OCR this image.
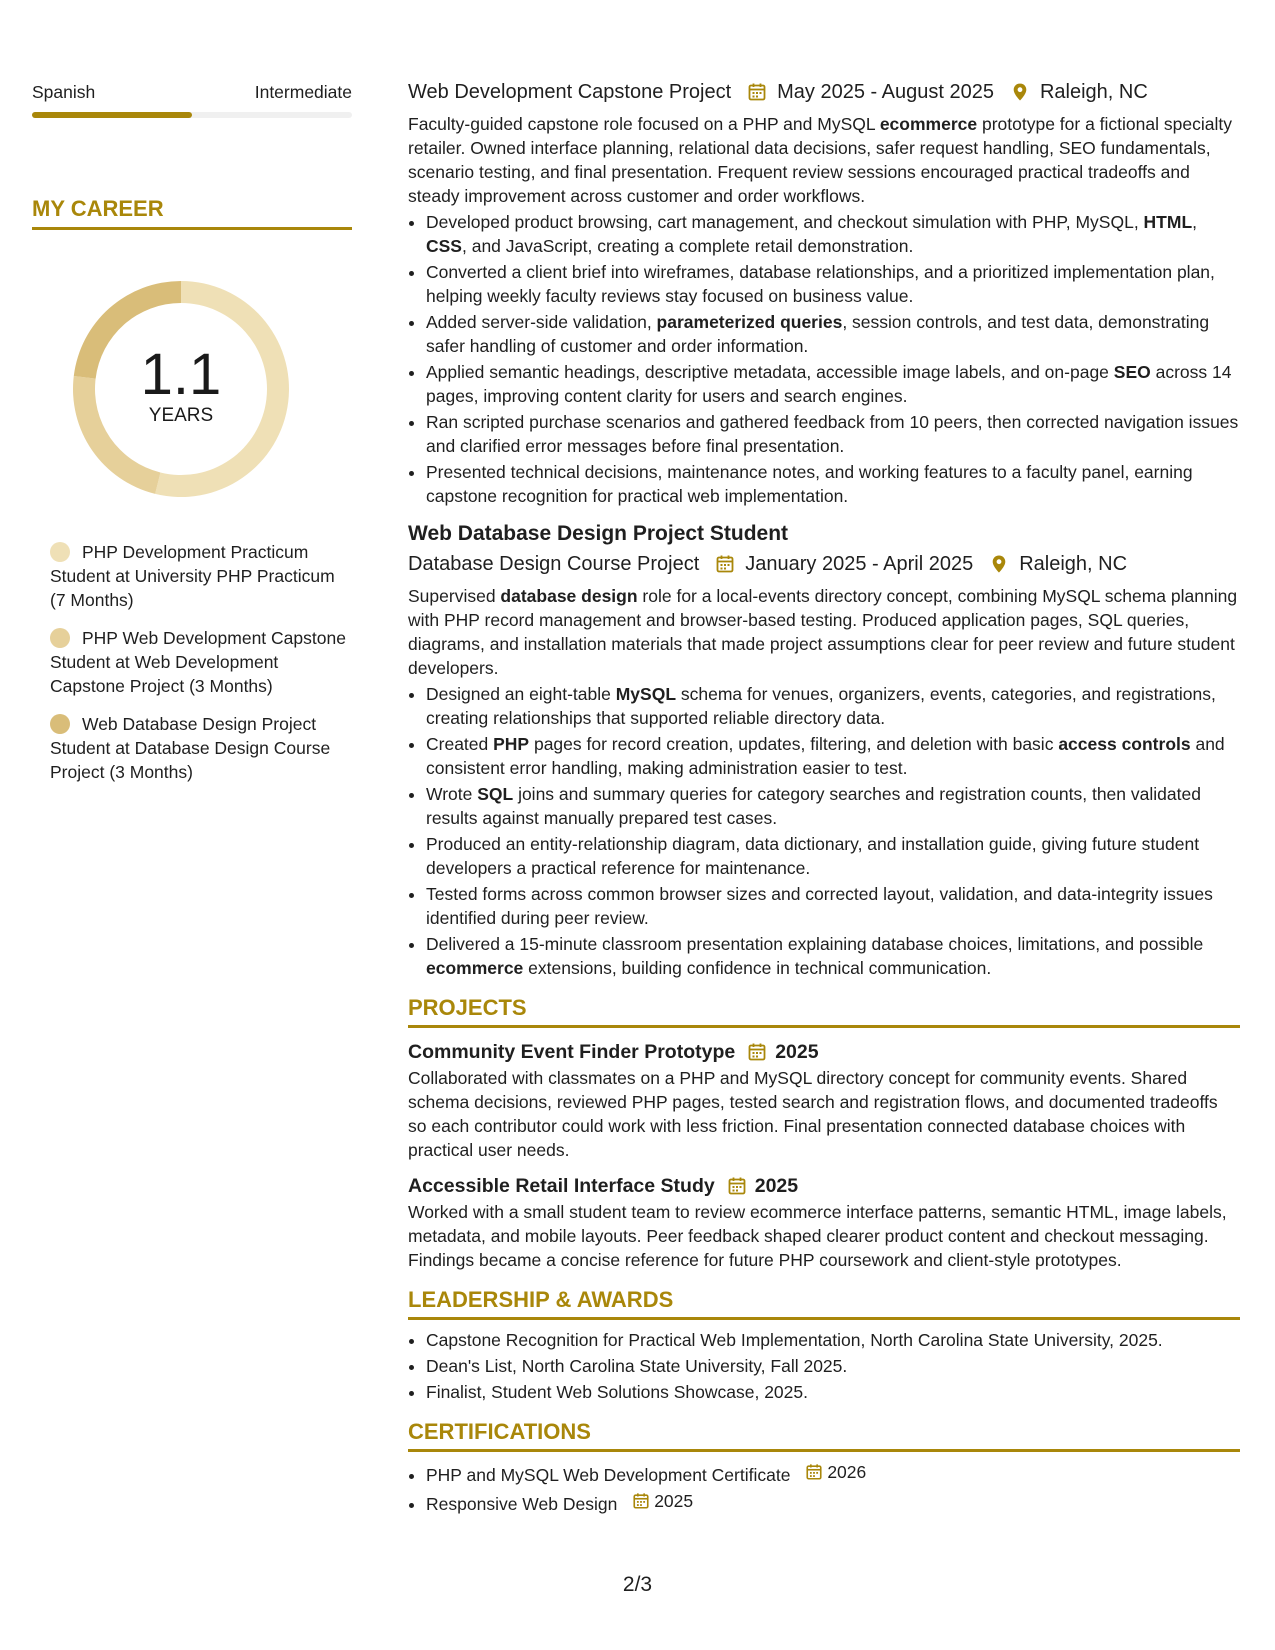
Spanish	Intermediate
MY CAREER
1.1
YEARS
PHP Development Practicum Student at University PHP Practicum (7 Months)
PHP Web Development Capstone Student at Web Development Capstone Project (3 Months)
Web Database Design Project Student at Database Design Course Project (3 Months)
Web Development Capstone Project May 2025 - August 2025 Raleigh, NC

Faculty-guided capstone role focused on a PHP and MySQL ecommerce prototype for a fictional specialty retailer. Owned interface planning, relational data decisions, safer request handling, SEO fundamentals, scenario testing, and final presentation. Frequent review sessions encouraged practical tradeoffs and steady improvement across customer and order workflows.

• Developed product browsing, cart management, and checkout simulation with PHP, MySQL, HTML, CSS, and JavaScript, creating a complete retail demonstration.
• Converted a client brief into wireframes, database relationships, and a prioritized implementation plan, helping weekly faculty reviews stay focused on business value.
• Added server-side validation, parameterized queries, session controls, and test data, demonstrating safer handling of customer and order information.
• Applied semantic headings, descriptive metadata, accessible image labels, and on-page SEO across 14 pages, improving content clarity for users and search engines.
• Ran scripted purchase scenarios and gathered feedback from 10 peers, then corrected navigation issues and clarified error messages before final presentation.
• Presented technical decisions, maintenance notes, and working features to a faculty panel, earning capstone recognition for practical web implementation.
Web Database Design Project Student
Database Design Course Project January 2025 - April 2025 Raleigh, NC

Supervised database design role for a local-events directory concept, combining MySQL schema planning with PHP record management and browser-based testing. Produced application pages, SQL queries, diagrams, and installation materials that made project assumptions clear for peer review and future student developers.

• Designed an eight-table MySQL schema for venues, organizers, events, categories, and registrations, creating relationships that supported reliable directory data.
• Created PHP pages for record creation, updates, filtering, and deletion with basic access controls and consistent error handling, making administration easier to test.
• Wrote SQL joins and summary queries for category searches and registration counts, then validated results against manually prepared test cases.
• Produced an entity-relationship diagram, data dictionary, and installation guide, giving future student developers a practical reference for maintenance.
• Tested forms across common browser sizes and corrected layout, validation, and data-integrity issues identified during peer review.
• Delivered a 15-minute classroom presentation explaining database choices, limitations, and possible ecommerce extensions, building confidence in technical communication.
PROJECTS
Community Event Finder Prototype 2025

Collaborated with classmates on a PHP and MySQL directory concept for community events. Shared schema decisions, reviewed PHP pages, tested search and registration flows, and documented tradeoffs so each contributor could work with less friction. Final presentation connected database choices with practical user needs.

Accessible Retail Interface Study 2025

Worked with a small student team to review ecommerce interface patterns, semantic HTML, image labels, metadata, and mobile layouts. Peer feedback shaped clearer product content and checkout messaging. Findings became a concise reference for future PHP coursework and client-style prototypes.

LEADERSHIP & AWARDS
• Capstone Recognition for Practical Web Implementation, North Carolina State University, 2025.
• Dean's List, North Carolina State University, Fall 2025.
• Finalist, Student Web Solutions Showcase, 2025.
CERTIFICATIONS
• PHP and MySQL Web Development Certificate 2026
• Responsive Web Design 2025
2/3
